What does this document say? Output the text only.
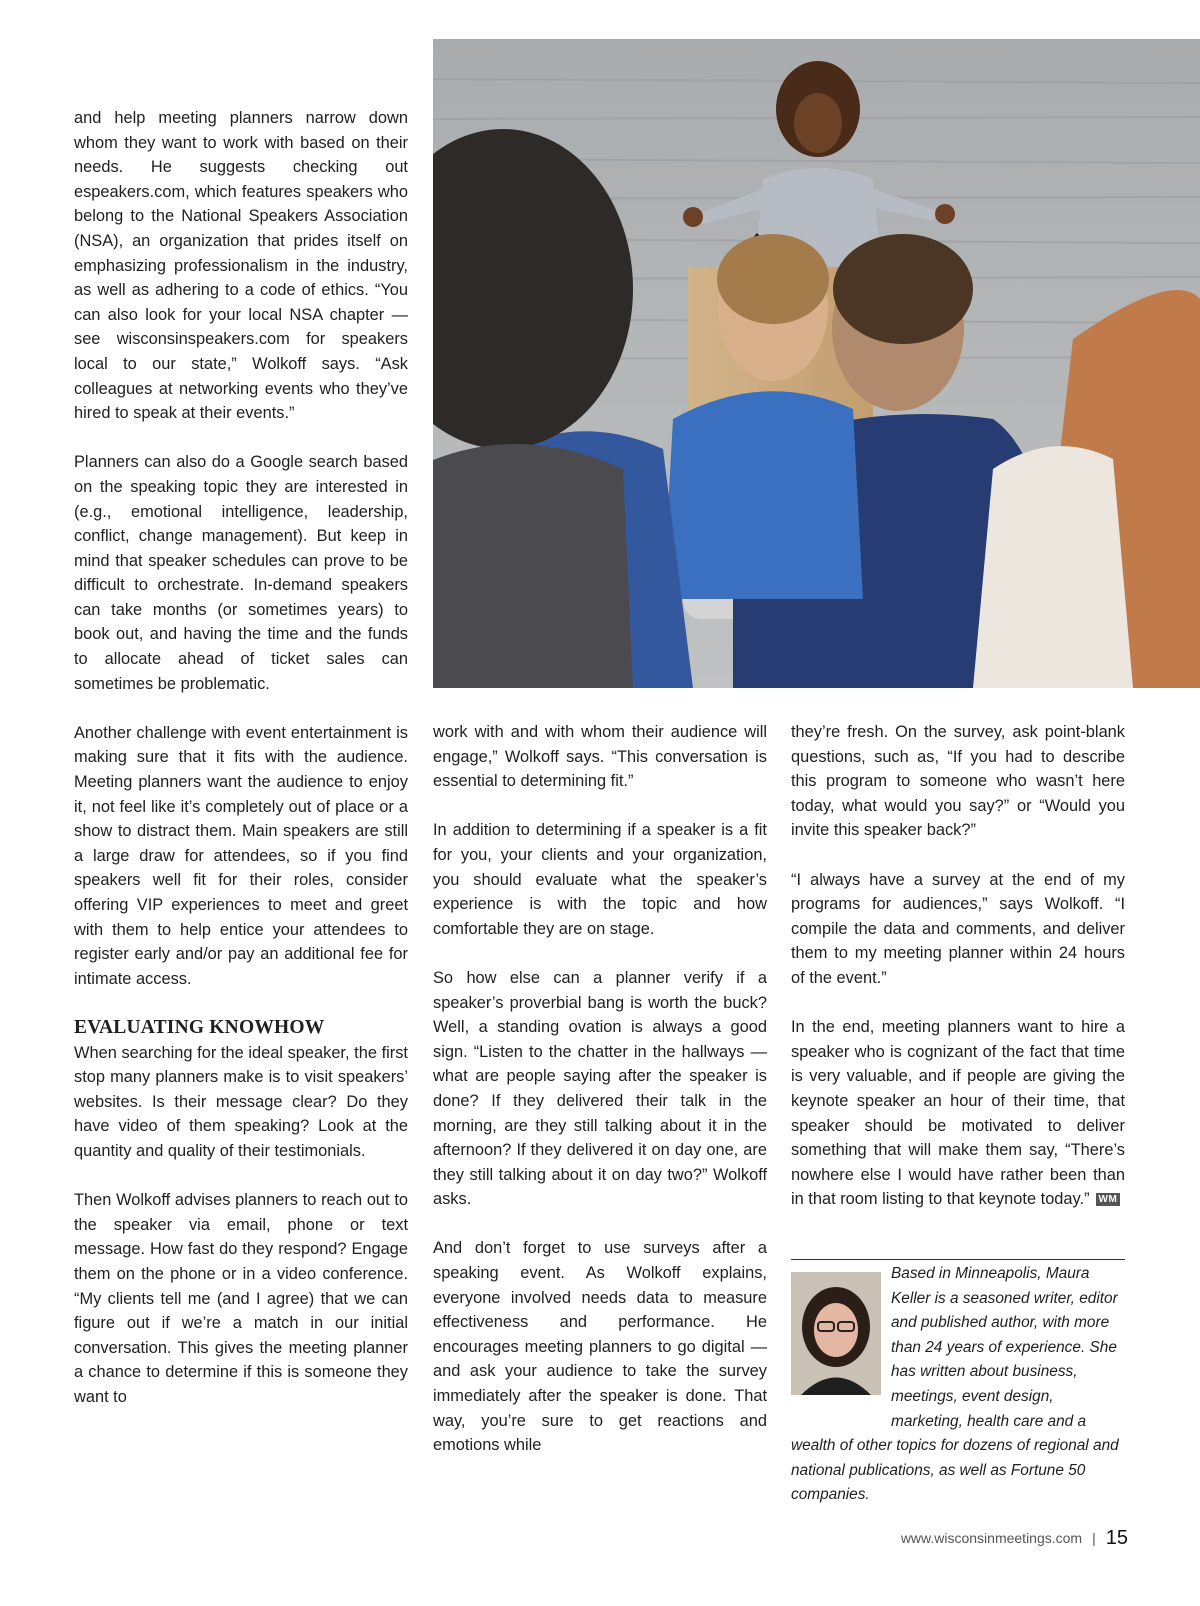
and help meeting planners narrow down whom they want to work with based on their needs. He suggests checking out espeakers.com, which features speakers who belong to the National Speakers Association (NSA), an organization that prides itself on emphasizing professionalism in the industry, as well as adhering to a code of ethics. “You can also look for your local NSA chapter — see wisconsinspeakers.com for speakers local to our state,” Wolkoff says. “Ask colleagues at networking events who they’ve hired to speak at their events.”

Planners can also do a Google search based on the speaking topic they are interested in (e.g., emotional intelligence, leadership, conflict, change management). But keep in mind that speaker schedules can prove to be difficult to orchestrate. In-demand speakers can take months (or sometimes years) to book out, and having the time and the funds to allocate ahead of ticket sales can sometimes be problematic.

Another challenge with event entertainment is making sure that it fits with the audience. Meeting planners want the audience to enjoy it, not feel like it’s completely out of place or a show to distract them. Main speakers are still a large draw for attendees, so if you find speakers well fit for their roles, consider offering VIP experiences to meet and greet with them to help entice your attendees to register early and/or pay an additional fee for intimate access.

EVALUATING KNOWHOW

When searching for the ideal speaker, the first stop many planners make is to visit speakers’ websites. Is their message clear? Do they have video of them speaking? Look at the quantity and quality of their testimonials.

Then Wolkoff advises planners to reach out to the speaker via email, phone or text message. How fast do they respond? Engage them on the phone or in a video conference. “My clients tell me (and I agree) that we can figure out if we’re a match in our initial conversation. This gives the meeting planner a chance to determine if this is someone they want to

work with and with whom their audience will engage,” Wolkoff says. “This conversation is essential to determining fit.”

In addition to determining if a speaker is a fit for you, your clients and your organization, you should evaluate what the speaker’s experience is with the topic and how comfortable they are on stage.

So how else can a planner verify if a speaker’s proverbial bang is worth the buck? Well, a standing ovation is always a good sign. “Listen to the chatter in the hallways — what are people saying after the speaker is done? If they delivered their talk in the morning, are they still talking about it in the afternoon? If they delivered it on day one, are they still talking about it on day two?” Wolkoff asks.

And don’t forget to use surveys after a speaking event. As Wolkoff explains, everyone involved needs data to measure effectiveness and performance. He encourages meeting planners to go digital — and ask your audience to take the survey immediately after the speaker is done. That way, you’re sure to get reactions and emotions while

they’re fresh. On the survey, ask point-blank questions, such as, “If you had to describe this program to someone who wasn’t here today, what would you say?” or “Would you invite this speaker back?”

“I always have a survey at the end of my programs for audiences,” says Wolkoff. “I compile the data and comments, and deliver them to my meeting planner within 24 hours of the event.”

In the end, meeting planners want to hire a speaker who is cognizant of the fact that time is very valuable, and if people are giving the keynote speaker an hour of their time, that speaker should be motivated to deliver something that will make them say, “There’s nowhere else I would have rather been than in that room listing to that keynote today.” WM

Based in Minneapolis, Maura Keller is a seasoned writer, editor and published author, with more than 24 years of experience. She has written about business, meetings, event design, marketing, health care and a wealth of other topics for dozens of regional and national publications, as well as Fortune 50 companies.
www.wisconsinmeetings.com | 15
